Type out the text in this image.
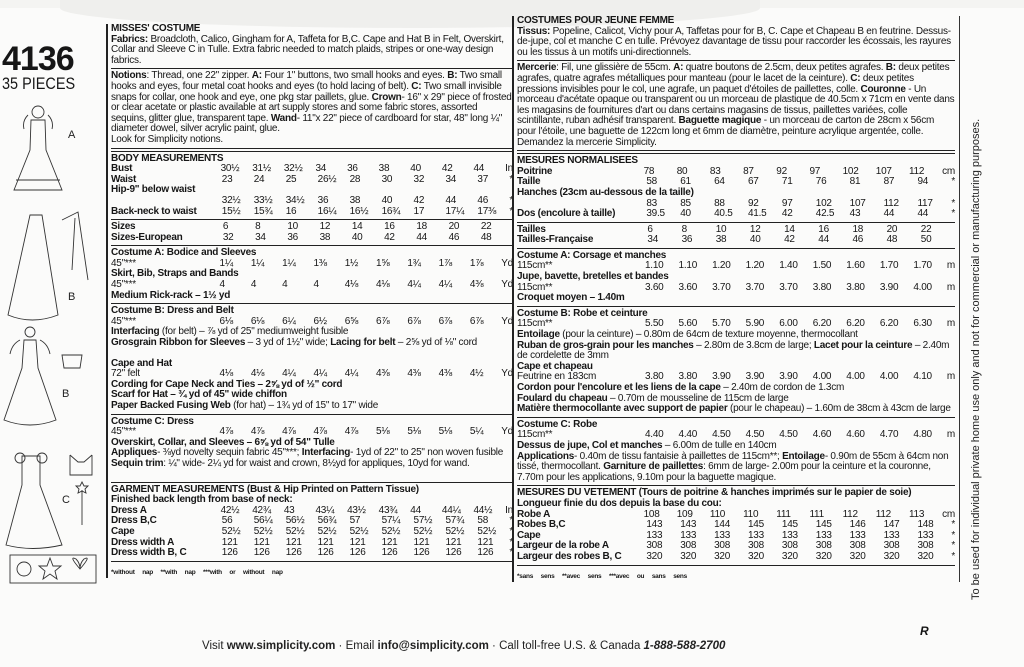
4136
35 PIECES
A
B
B
C
MISSES' COSTUME
Fabrics: Broadcloth, Calico, Gingham for A, Taffeta for B,C. Cape and Hat B in Felt, Overskirt, Collar and Sleeve C in Tulle. Extra fabric needed to match plaids, stripes or one-way design fabrics.
Notions: Thread, one 22" zipper. A: Four 1" buttons, two small hooks and eyes. B: Two small hooks and eyes, four metal coat hooks and eyes (to hold lacing of belt). C: Two small invisible snaps for collar, one hook and eye, one pkg star paillets, glue. Crown- 16" x 29" piece of frosted or clear acetate or plastic available at art supply stores and some fabric stores, assorted sequins, glitter glue, transparent tape. Wand- 11"x 22" piece of cardboard for star, 48" long ¼" diameter dowel, silver acrylic paint, glue.
Look for Simplicity notions.
BODY MEASUREMENTS
Bust	30½	31½	32½	34	36	38	40	42	44	In
Waist	23	24	25	26½	28	30	32	34	37	*
Hip-9" below waist
32½	33½	34½	36	38	40	42	44	46	*
Back-neck to waist	15½	15¾	16	16¼	16½	16¾	17	17¼	17⅜	*
Sizes	6	8	10	12	14	16	18	20	22
Sizes-European	32	34	36	38	40	42	44	46	48
Costume A: Bodice and Sleeves
45"***	1¼	1¼	1¼	1⅜	1½	1⅝	1¾	1⅞	1⅞	Yd
Skirt, Bib, Straps and Bands
45"***	4	4	4	4	4⅛	4⅛	4¼	4¼	4⅜	Yd
Medium Rick-rack – 1½ yd
Costume B: Dress and Belt
45"***	6⅛	6⅛	6¼	6½	6⅝	6⅞	6⅞	6⅞	6⅞	Yd
Interfacing (for belt) – ⅞ yd of 25" mediumweight fusible
Grosgrain Ribbon for Sleeves – 3 yd of 1½" wide; Lacing for belt – 2⅝ yd of ⅛" cord
Cape and Hat
72" felt	4⅛	4⅛	4¼	4¼	4¼	4⅜	4⅜	4⅜	4½	Yd
Cording for Cape Neck and Ties – 2⅝ yd of ½" cord
Scarf for Hat – ¾ yd of 45" wide chiffon
Paper Backed Fusing Web (for hat) – 1¾ yd of 15" to 17" wide
Costume C: Dress
45"***	4⅞	4⅞	4⅞	4⅞	4⅞	5⅛	5⅛	5⅛	5¼	Yd
Overskirt, Collar, and Sleeves – 6⅝ yd of 54" Tulle
Appliques- ⅜yd novelty sequin fabric 45"***; Interfacing- 1yd of 22" to 25" non woven fusible
Sequin trim: ¼" wide- 2¼ yd for waist and crown, 8½yd for appliques, 10yd for wand.
GARMENT MEASUREMENTS (Bust & Hip Printed on Pattern Tissue)
Finished back length from base of neck:
Dress A	42½	42¾	43	43¼	43½	43¾	44	44¼	44½	In
Dress B,C	56	56¼	56½	56¾	57	57¼	57½	57¾	58	*
Cape	52½	52½	52½	52½	52½	52½	52½	52½	52½	*
Dress width A	121	121	121	121	121	121	121	121	121	*
Dress width B, C	126	126	126	126	126	126	126	126	126	*
*without nap **with nap ***with or without nap
COSTUMES POUR JEUNE FEMME
Tissus: Popeline, Calicot, Vichy pour A, Taffetas pour for B, C. Cape et Chapeau B en feutrine. Dessus-de-jupe, col et manche C en tulle. Prévoyez davantage de tissu pour raccorder les écossais, les rayures ou les tissus à un motifs uni-directionnels.
Mercerie: Fil, une glissière de 55cm. A: quatre boutons de 2.5cm, deux petites agrafes. B: deux petites agrafes, quatre agrafes métalliques pour manteau (pour le lacet de la ceinture). C: deux petites pressions invisibles pour le col, une agrafe, un paquet d'étoiles de paillettes, colle. Couronne - Un morceau d'acétate opaque ou transparent ou un morceau de plastique de 40.5cm x 71cm en vente dans les magasins de fournitures d'art ou dans certains magasins de tissus, paillettes variées, colle scintillante, ruban adhésif transparent. Baguette magique - un morceau de carton de 28cm x 56cm pour l'étoile, une baguette de 122cm long et 6mm de diamètre, peinture acrylique argentée, colle. Demandez la mercerie Simplicity.
MESURES NORMALISEES
Poitrine	78	80	83	87	92	97	102	107	112	cm
Taille	58	61	64	67	71	76	81	87	94	*
Hanches (23cm au-dessous de la taille)
83	85	88	92	97	102	107	112	117	*
Dos (encolure à taille)	39.5	40	40.5	41.5	42	42.5	43	44	44	*
Tailles	6	8	10	12	14	16	18	20	22
Tailles-Française	34	36	38	40	42	44	46	48	50
Costume A: Corsage et manches
115cm**	1.10	1.10	1.20	1.20	1.40	1.50	1.60	1.70	1.70	m
Jupe, bavette, bretelles et bandes
115cm**	3.60	3.60	3.70	3.70	3.70	3.80	3.80	3.90	4.00	m
Croquet moyen – 1.40m
Costume B: Robe et ceinture
115cm**	5.50	5.60	5.70	5.90	6.00	6.20	6.20	6.20	6.30	m
Entoilage (pour la ceinture) – 0.80m de 64cm de texture moyenne, thermocollant
Ruban de gros-grain pour les manches – 2.80m de 3.8cm de large; Lacet pour la ceinture – 2.40m de cordelette de 3mm
Cape et chapeau
Feutrine en 183cm	3.80	3.80	3.90	3.90	3.90	4.00	4.00	4.00	4.10	m
Cordon pour l'encolure et les liens de la cape – 2.40m de cordon de 1.3cm
Foulard du chapeau – 0.70m de mousseline de 115cm de large
Matière thermocollante avec support de papier (pour le chapeau) – 1.60m de 38cm à 43cm de large
Costume C: Robe
115cm**	4.40	4.40	4.50	4.50	4.50	4.60	4.60	4.70	4.80	m
Dessus de jupe, Col et manches – 6.00m de tulle en 140cm
Applications- 0.40m de tissu fantaisie à paillettes de 115cm**; Entoilage- 0.90m de 55cm à 64cm non tissé, thermocollant. Garniture de paillettes: 6mm de large- 2.00m pour la ceinture et la couronne, 7.70m pour les applications, 9.10m pour la baguette magique.
MESURES DU VETEMENT (Tours de poitrine & hanches imprimés sur le papier de soie)
Longueur finie du dos depuis la base du cou:
Robe A	108	109	110	110	111	111	112	112	113	cm
Robes B,C	143	143	144	145	145	145	146	147	148	*
Cape	133	133	133	133	133	133	133	133	133	*
Largeur de la robe A	308	308	308	308	308	308	308	308	308	*
Largeur des robes B, C	320	320	320	320	320	320	320	320	320	*
*sans sens **avec sens ***avec ou sans sens	To be used for individual private home use only and not for commercial or manufacturing purposes.
R
Visit www.simplicity.com · Email info@simplicity.com · Call toll-free U.S. & Canada 1-888-588-2700
